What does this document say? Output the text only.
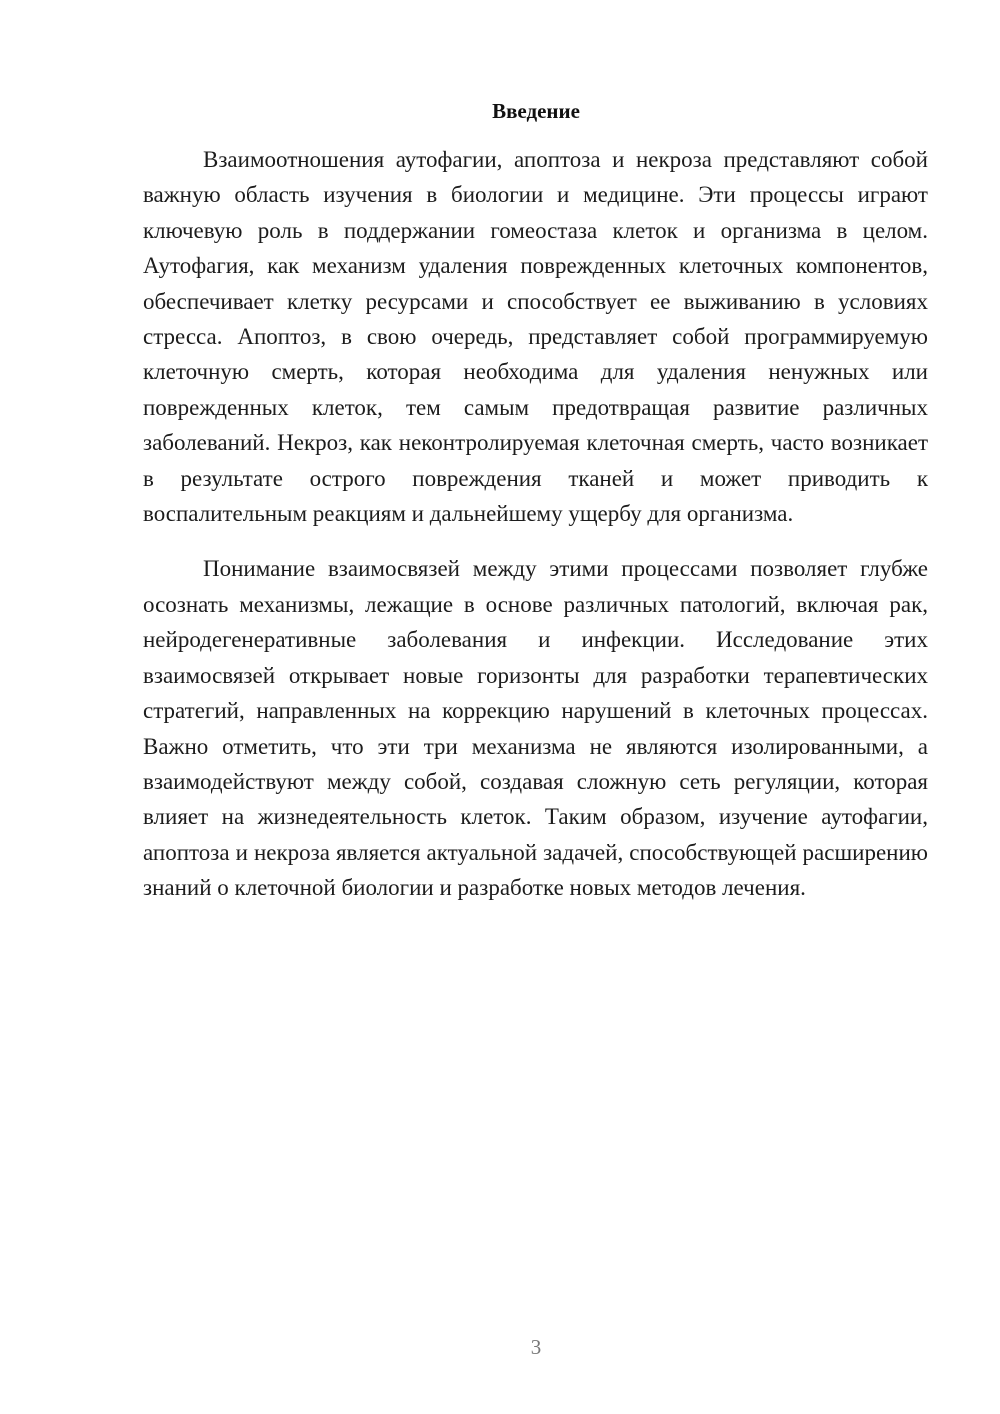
Введение

Взаимоотношения аутофагии, апоптоза и некроза представляют собой важную область изучения в биологии и медицине. Эти процессы играют ключевую роль в поддержании гомеостаза клеток и организма в целом. Аутофагия, как механизм удаления поврежденных клеточных компонентов, обеспечивает клетку ресурсами и способствует ее выживанию в условиях стресса. Апоптоз, в свою очередь, представляет собой программируемую клеточную смерть, которая необходима для удаления ненужных или поврежденных клеток, тем самым предотвращая развитие различных заболеваний. Некроз, как неконтролируемая клеточная смерть, часто возникает в результате острого повреждения тканей и может приводить к воспалительным реакциям и дальнейшему ущербу для организма.

Понимание взаимосвязей между этими процессами позволяет глубже осознать механизмы, лежащие в основе различных патологий, включая рак, нейродегенеративные заболевания и инфекции. Исследование этих взаимосвязей открывает новые горизонты для разработки терапевтических стратегий, направленных на коррекцию нарушений в клеточных процессах. Важно отметить, что эти три механизма не являются изолированными, а взаимодействуют между собой, создавая сложную сеть регуляции, которая влияет на жизнедеятельность клеток. Таким образом, изучение аутофагии, апоптоза и некроза является актуальной задачей, способствующей расширению знаний о клеточной биологии и разработке новых методов лечения.

3
